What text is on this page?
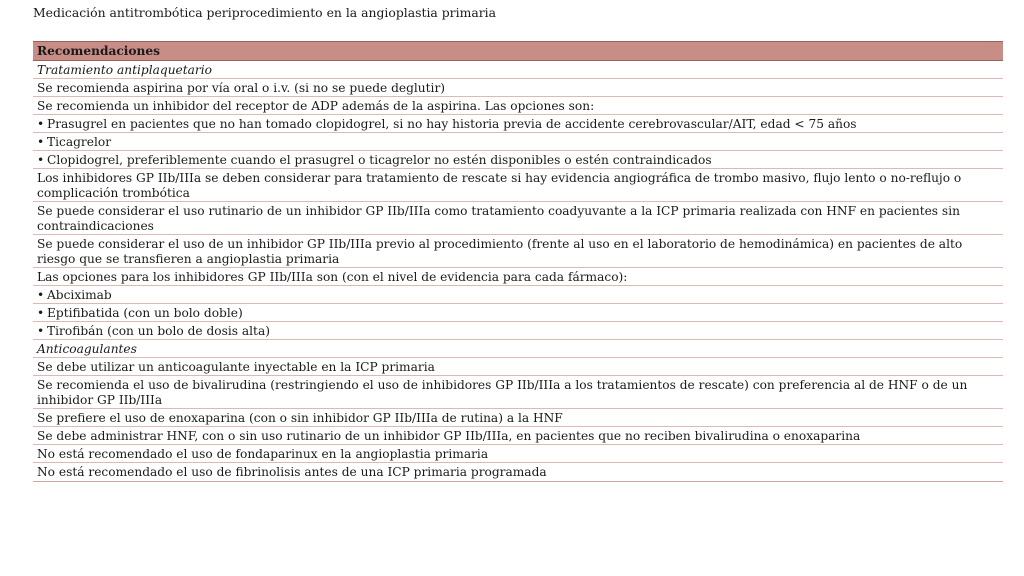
Medicación antitrombótica periprocedimiento en la angioplastia primaria
Recomendaciones
Tratamiento antiplaquetario
Se recomienda aspirina por vía oral o i.v. (si no se puede deglutir)
Se recomienda un inhibidor del receptor de ADP además de la aspirina. Las opciones son:
• Prasugrel en pacientes que no han tomado clopidogrel, si no hay historia previa de accidente cerebrovascular/AIT, edad < 75 años
• Ticagrelor
• Clopidogrel, preferiblemente cuando el prasugrel o ticagrelor no estén disponibles o estén contraindicados
Los inhibidores GP IIb/IIIa se deben considerar para tratamiento de rescate si hay evidencia angiográfica de trombo masivo, flujo lento o no-reflujo o complicación trombótica
Se puede considerar el uso rutinario de un inhibidor GP IIb/IIIa como tratamiento coadyuvante a la ICP primaria realizada con HNF en pacientes sin contraindicaciones
Se puede considerar el uso de un inhibidor GP IIb/IIIa previo al procedimiento (frente al uso en el laboratorio de hemodinámica) en pacientes de alto riesgo que se transfieren a angioplastia primaria
Las opciones para los inhibidores GP IIb/IIIa son (con el nivel de evidencia para cada fármaco):
• Abciximab
• Eptifibatida (con un bolo doble)
• Tirofibán (con un bolo de dosis alta)
Anticoagulantes
Se debe utilizar un anticoagulante inyectable en la ICP primaria
Se recomienda el uso de bivalirudina (restringiendo el uso de inhibidores GP IIb/IIIa a los tratamientos de rescate) con preferencia al de HNF o de un inhibidor GP IIb/IIIa
Se prefiere el uso de enoxaparina (con o sin inhibidor GP IIb/IIIa de rutina) a la HNF
Se debe administrar HNF, con o sin uso rutinario de un inhibidor GP IIb/IIIa, en pacientes que no reciben bivalirudina o enoxaparina
No está recomendado el uso de fondaparinux en la angioplastia primaria
No está recomendado el uso de fibrinolisis antes de una ICP primaria programada
